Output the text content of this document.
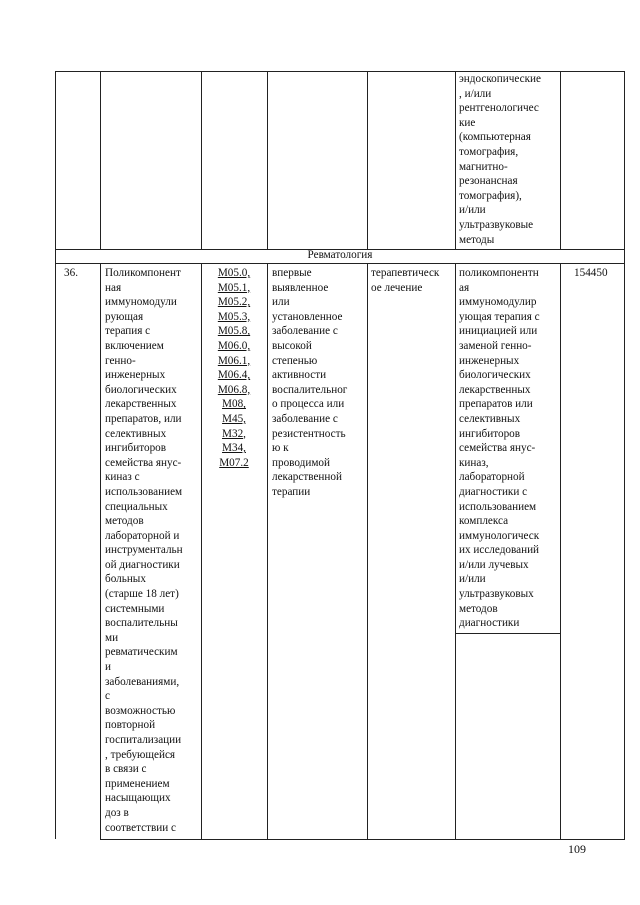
эндоскопические
, и/или
рентгенологичес
кие
(компьютерная
томография,
магнитно-
резонансная
томография),
и/или
ультразвуковые
методы
Ревматология
36. Поликомпонент
ная
иммуномодули
рующая
терапия с
включением
генно-
инженерных
биологических
лекарственных
препаратов, или
селективных
ингибиторов
семейства янус-
киназ с
использованием
специальных
методов
лабораторной и
инструментальн
ой диагностики
больных
(старше 18 лет)
системными
воспалительны
ми
ревматическим
и
заболеваниями,
с
возможностью
повторной
госпитализации
, требующейся
в связи с
применением
насыщающих
доз в
соответствии с
M05.0,
M05.1,
M05.2,
M05.3,
M05.8,
M06.0,
M06.1,
M06.4,
M06.8,
M08,
M45,
M32,
M34,
M07.2
впервые
выявленное
или
установленное
заболевание с
высокой
степенью
активности
воспалительног
о процесса или
заболевание с
резистентность
ю к
проводимой
лекарственной
терапии
терапевтическ
ое лечение
поликомпонентн
ая
иммуномодулир
ующая терапия с
инициацией или
заменой генно-
инженерных
биологических
лекарственных
препаратов или
селективных
ингибиторов
семейства янус-
киназ,
лабораторной
диагностики с
использованием
комплекса
иммунологическ
их исследований
и/или лучевых
и/или
ультразвуковых
методов
диагностики
154450
109
